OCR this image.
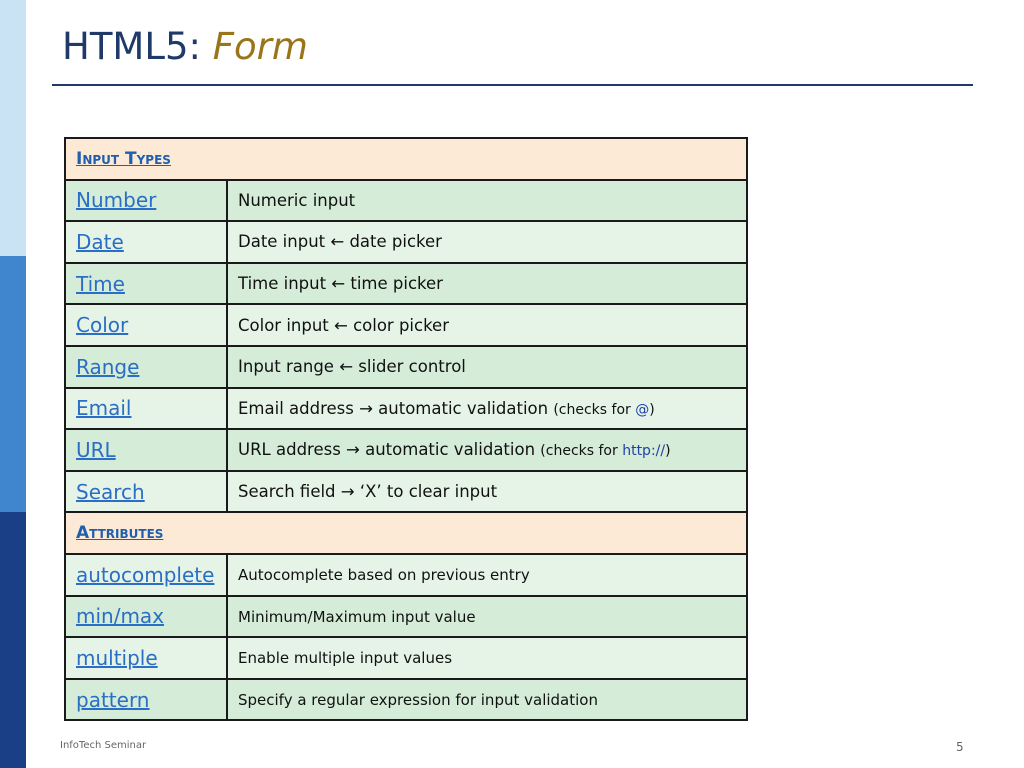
HTML5: Form
Input Types	
Number	Numeric input
Date	Date input ← date picker
Time	Time input ← time picker
Color	Color input ← color picker
Range	Input range ← slider control
Email	Email address → automatic validation (checks for @)
URL	URL address → automatic validation (checks for http://)
Search	Search field → ‘X’ to clear input
Attributes	
autocomplete	Autocomplete based on previous entry
min/max	Minimum/Maximum input value
multiple	Enable multiple input values
pattern	Specify a regular expression for input validation
InfoTech Seminar	5
